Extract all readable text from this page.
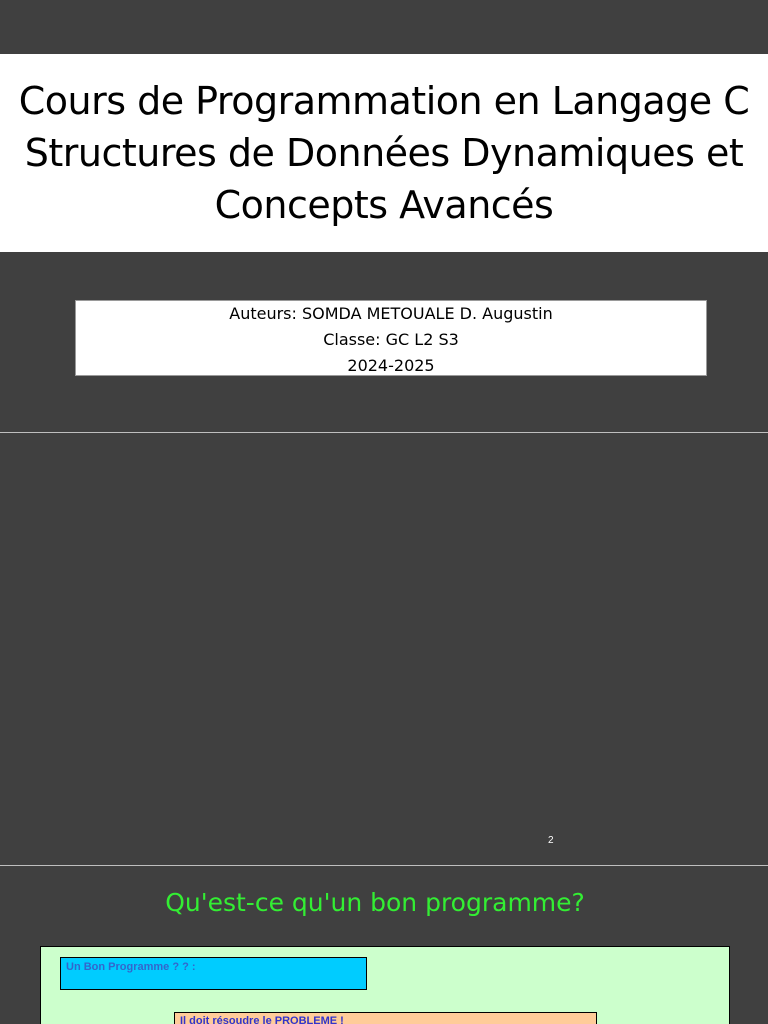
Cours de Programmation en Langage C
Structures de Données Dynamiques et
Concepts Avancés
Auteurs: SOMDA METOUALE D. Augustin
Classe: GC L2 S3
2024-2025
2
Qu'est-ce qu'un bon programme?
Un Bon Programme ? ? :
Il doit résoudre le PROBLEME !
